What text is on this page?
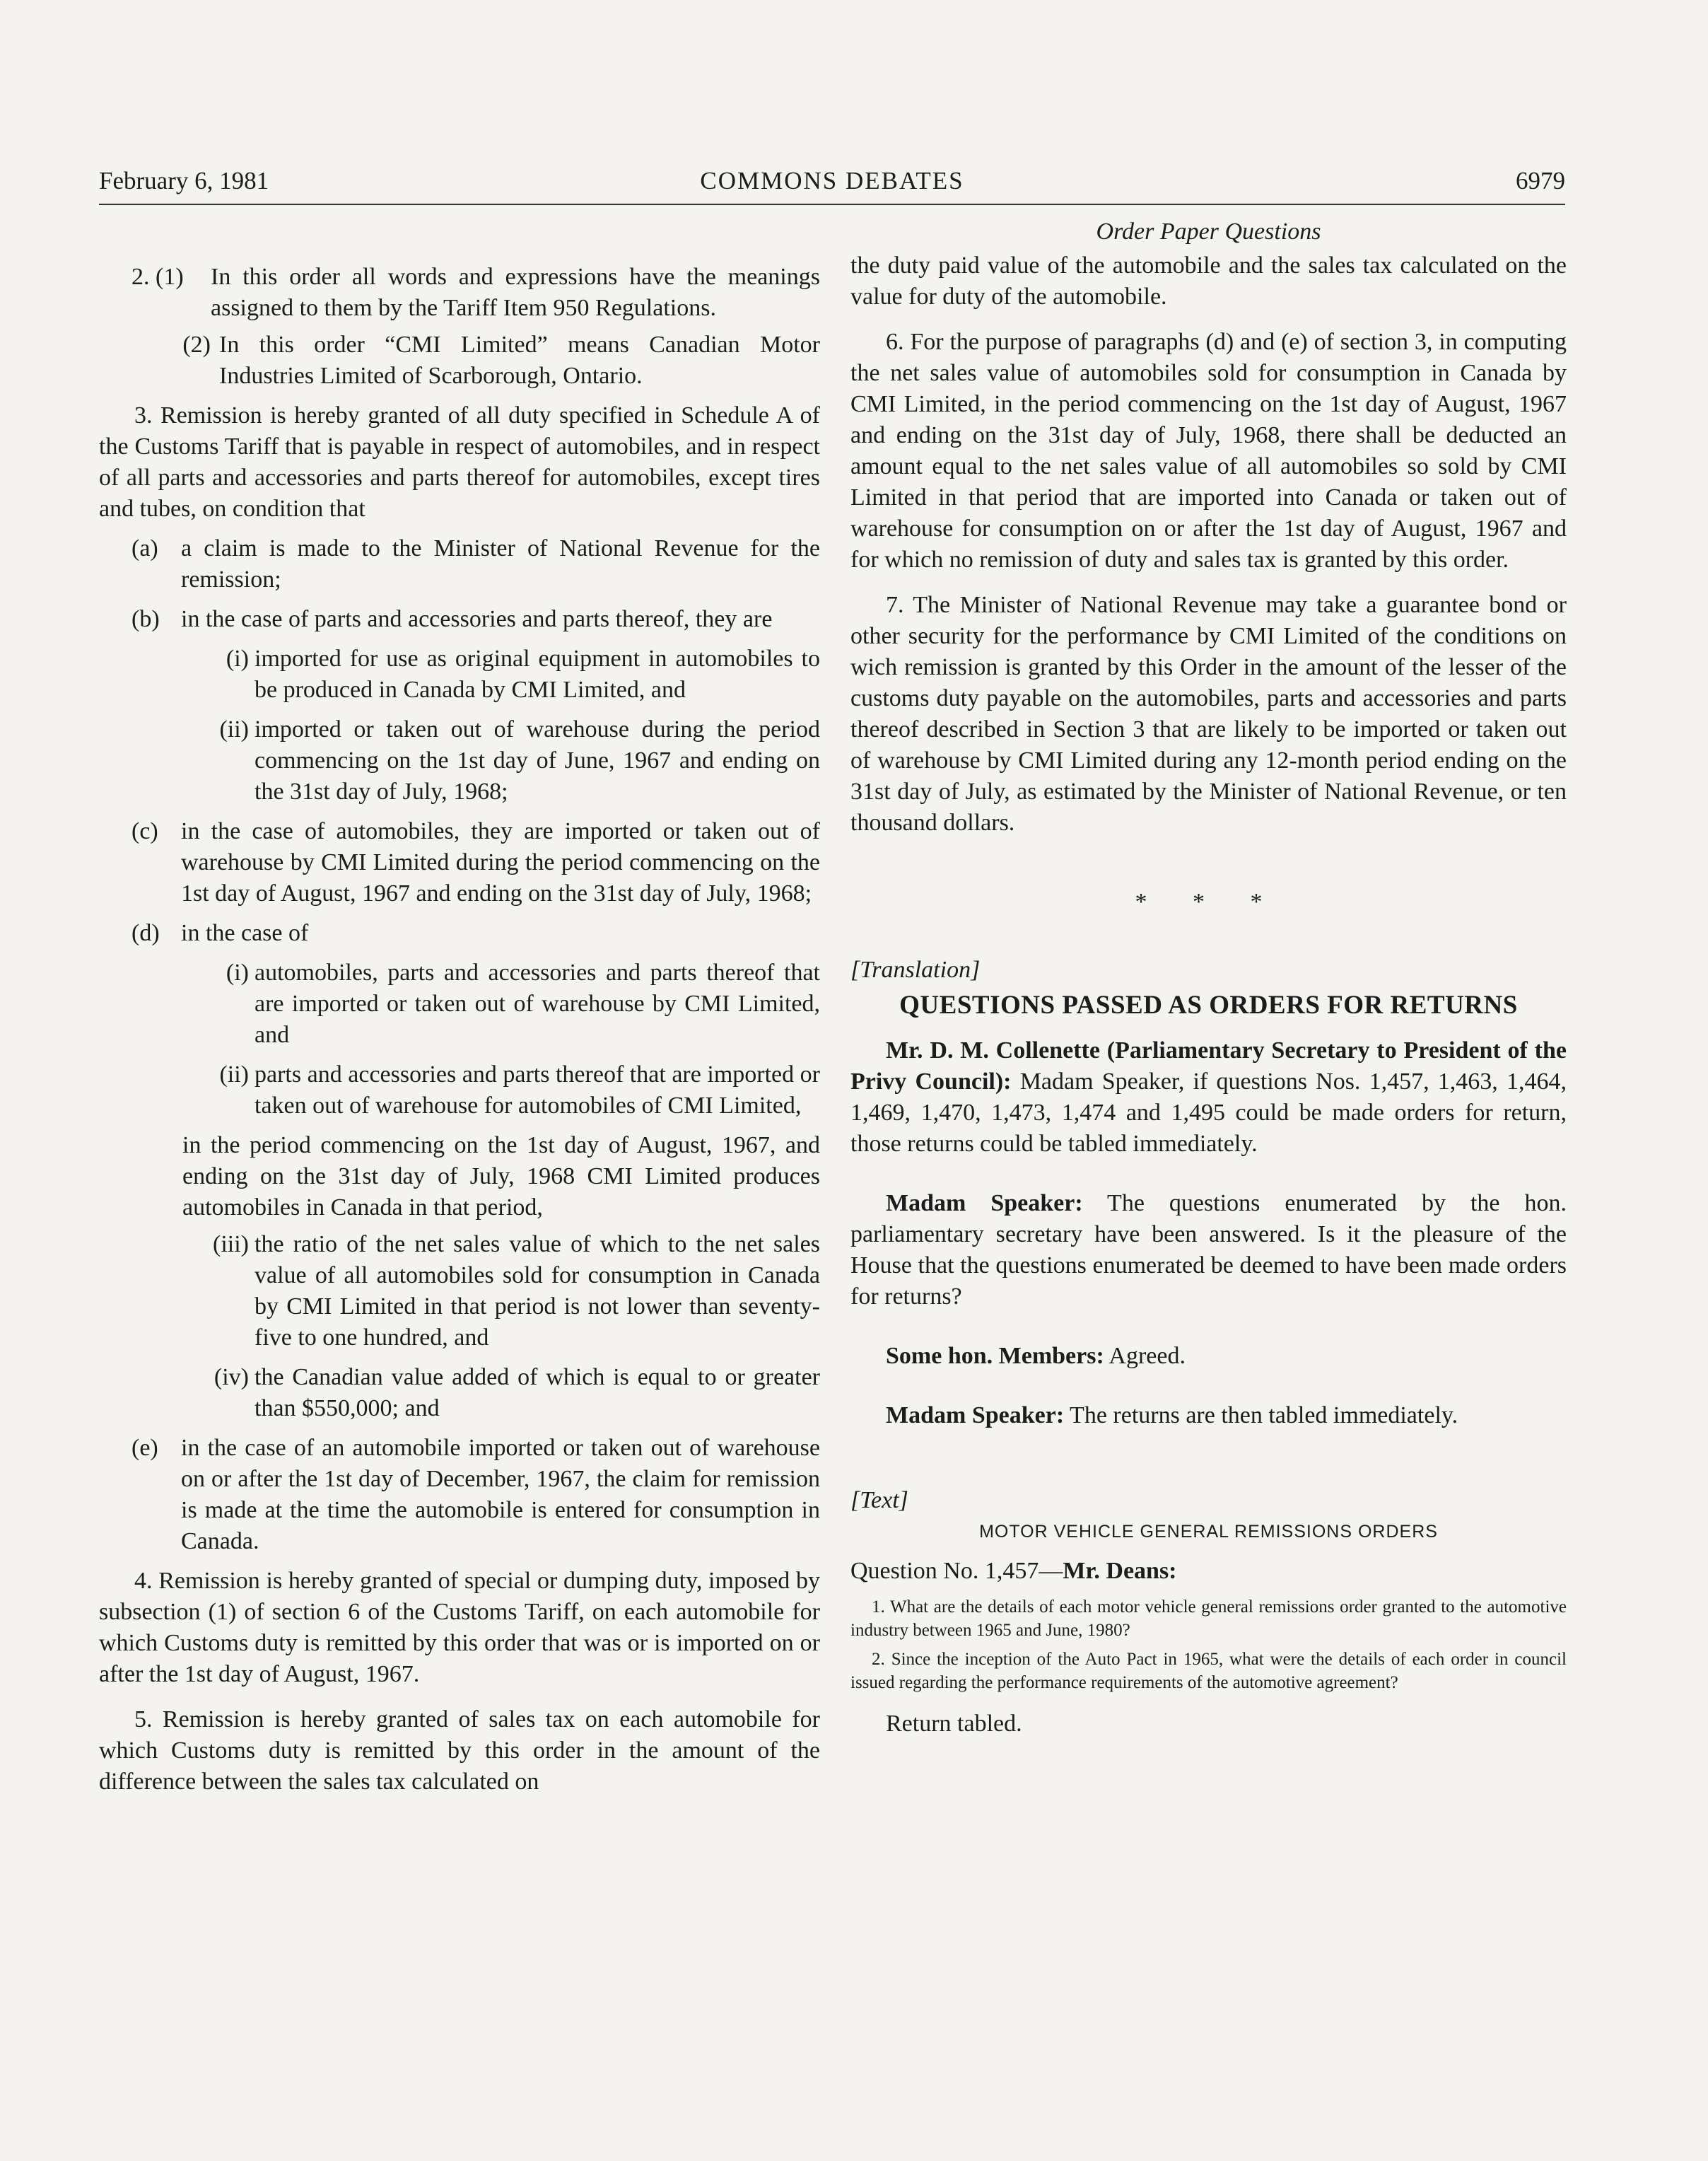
February 6, 1981	COMMONS DEBATES	6979
2. (1)	In this order all words and expressions have the meanings assigned to them by the Tariff Item 950 Regulations.
(2) In this order “CMI Limited” means Canadian Motor Industries Limited of Scarborough, Ontario.

3. Remission is hereby granted of all duty specified in Schedule A of the Customs Tariff that is payable in respect of automobiles, and in respect of all parts and accessories and parts thereof for automobiles, except tires and tubes, on condition that

(a) a claim is made to the Minister of National Revenue for the remission;
(b) in the case of parts and accessories and parts thereof, they are
(i) imported for use as original equipment in automobiles to be produced in Canada by CMI Limited, and
(ii) imported or taken out of warehouse during the period commencing on the 1st day of June, 1967 and ending on the 31st day of July, 1968;
(c) in the case of automobiles, they are imported or taken out of warehouse by CMI Limited during the period commencing on the 1st day of August, 1967 and ending on the 31st day of July, 1968;
(d) in the case of
(i) automobiles, parts and accessories and parts thereof that are imported or taken out of warehouse by CMI Limited, and
(ii) parts and accessories and parts thereof that are imported or taken out of warehouse for automobiles of CMI Limited,

in the period commencing on the 1st day of August, 1967, and ending on the 31st day of July, 1968 CMI Limited produces automobiles in Canada in that period,

(iii) the ratio of the net sales value of which to the net sales value of all automobiles sold for consumption in Canada by CMI Limited in that period is not lower than seventy-five to one hundred, and
(iv) the Canadian value added of which is equal to or greater than $550,000; and
(e) in the case of an automobile imported or taken out of warehouse on or after the 1st day of December, 1967, the claim for remission is made at the time the automobile is entered for consumption in Canada.

4. Remission is hereby granted of special or dumping duty, imposed by subsection (1) of section 6 of the Customs Tariff, on each automobile for which Customs duty is remitted by this order that was or is imported on or after the 1st day of August, 1967.

5. Remission is hereby granted of sales tax on each automobile for which Customs duty is remitted by this order in the amount of the difference between the sales tax calculated on

Order Paper Questions

the duty paid value of the automobile and the sales tax calculated on the value for duty of the automobile.

6. For the purpose of paragraphs (d) and (e) of section 3, in computing the net sales value of automobiles sold for consumption in Canada by CMI Limited, in the period commencing on the 1st day of August, 1967 and ending on the 31st day of July, 1968, there shall be deducted an amount equal to the net sales value of all automobiles so sold by CMI Limited in that period that are imported into Canada or taken out of warehouse for consumption on or after the 1st day of August, 1967 and for which no remission of duty and sales tax is granted by this order.

7. The Minister of National Revenue may take a guarantee bond or other security for the performance by CMI Limited of the conditions on wich remission is granted by this Order in the amount of the lesser of the customs duty payable on the automobiles, parts and accessories and parts thereof described in Section 3 that are likely to be imported or taken out of warehouse by CMI Limited during any 12-month period ending on the 31st day of July, as estimated by the Minister of National Revenue, or ten thousand dollars.

* * *

[Translation]

QUESTIONS PASSED AS ORDERS FOR RETURNS

Mr. D. M. Collenette (Parliamentary Secretary to President of the Privy Council): Madam Speaker, if questions Nos. 1,457, 1,463, 1,464, 1,469, 1,470, 1,473, 1,474 and 1,495 could be made orders for return, those returns could be tabled immediately.

Madam Speaker: The questions enumerated by the hon. parliamentary secretary have been answered. Is it the pleasure of the House that the questions enumerated be deemed to have been made orders for returns?

Some hon. Members: Agreed.

Madam Speaker: The returns are then tabled immediately.

[Text]

MOTOR VEHICLE GENERAL REMISSIONS ORDERS

Question No. 1,457—Mr. Deans:

1. What are the details of each motor vehicle general remissions order granted to the automotive industry between 1965 and June, 1980?

2. Since the inception of the Auto Pact in 1965, what were the details of each order in council issued regarding the performance requirements of the automotive agreement?

Return tabled.
